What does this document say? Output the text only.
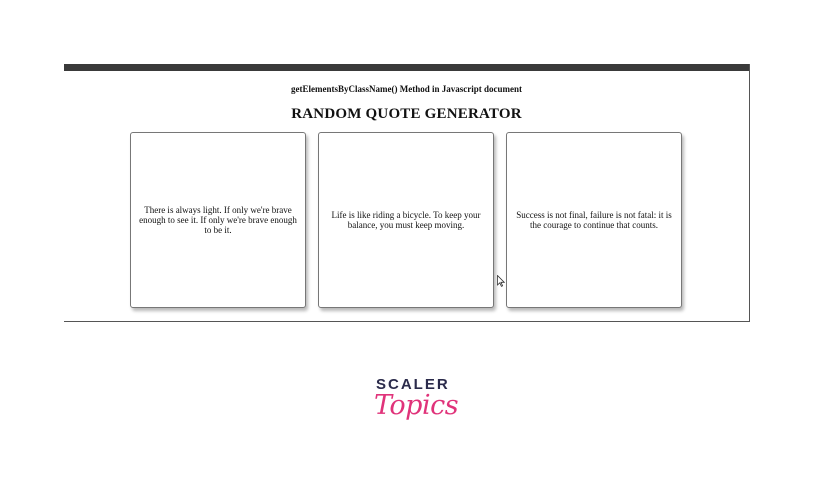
getElementsByClassName() Method in Javascript document
RANDOM QUOTE GENERATOR

There is always light. If only we're brave enough to see it. If only we're brave enough to be it.

Life is like riding a bicycle. To keep your balance, you must keep moving.

Success is not final, failure is not fatal: it is the courage to continue that counts.

SCALER
Topics
